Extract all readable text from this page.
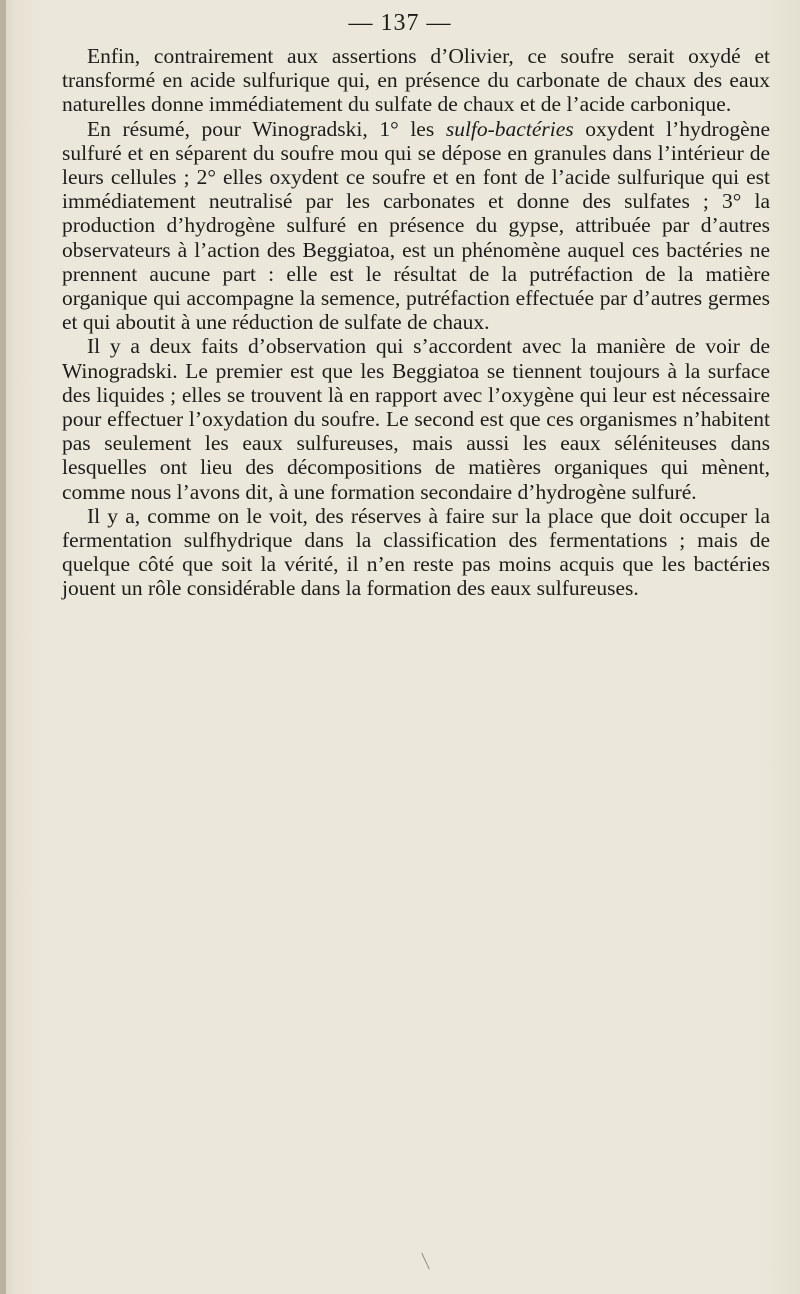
— 137 —

Enfin, contrairement aux assertions d’Olivier, ce soufre serait oxydé et transformé en acide sulfurique qui, en présence du carbonate de chaux des eaux naturelles donne immédiatement du sulfate de chaux et de l’acide carbonique.

En résumé, pour Winogradski, 1° les sulfo-bactéries oxydent l’hydrogène sulfuré et en séparent du soufre mou qui se dépose en granules dans l’intérieur de leurs cellules ; 2° elles oxydent ce soufre et en font de l’acide sulfurique qui est immédiatement neutralisé par les carbonates et donne des sulfates ; 3° la production d’hydrogène sulfuré en présence du gypse, attribuée par d’autres observateurs à l’action des Beggiatoa, est un phénomène auquel ces bactéries ne prennent aucune part : elle est le résultat de la putréfaction de la matière organique qui accompagne la semence, putréfaction effectuée par d’autres germes et qui aboutit à une réduction de sulfate de chaux.

Il y a deux faits d’observation qui s’accordent avec la manière de voir de Winogradski. Le premier est que les Beggiatoa se tiennent toujours à la surface des liquides ; elles se trouvent là en rapport avec l’oxygène qui leur est nécessaire pour effectuer l’oxydation du soufre. Le second est que ces organismes n’habitent pas seulement les eaux sulfureuses, mais aussi les eaux séléniteuses dans lesquelles ont lieu des décompositions de matières organiques qui mènent, comme nous l’avons dit, à une formation secondaire d’hydrogène sulfuré.

Il y a, comme on le voit, des réserves à faire sur la place que doit occuper la fermentation sulfhydrique dans la classification des fermentations ; mais de quelque côté que soit la vérité, il n’en reste pas moins acquis que les bactéries jouent un rôle considérable dans la formation des eaux sulfureuses.
